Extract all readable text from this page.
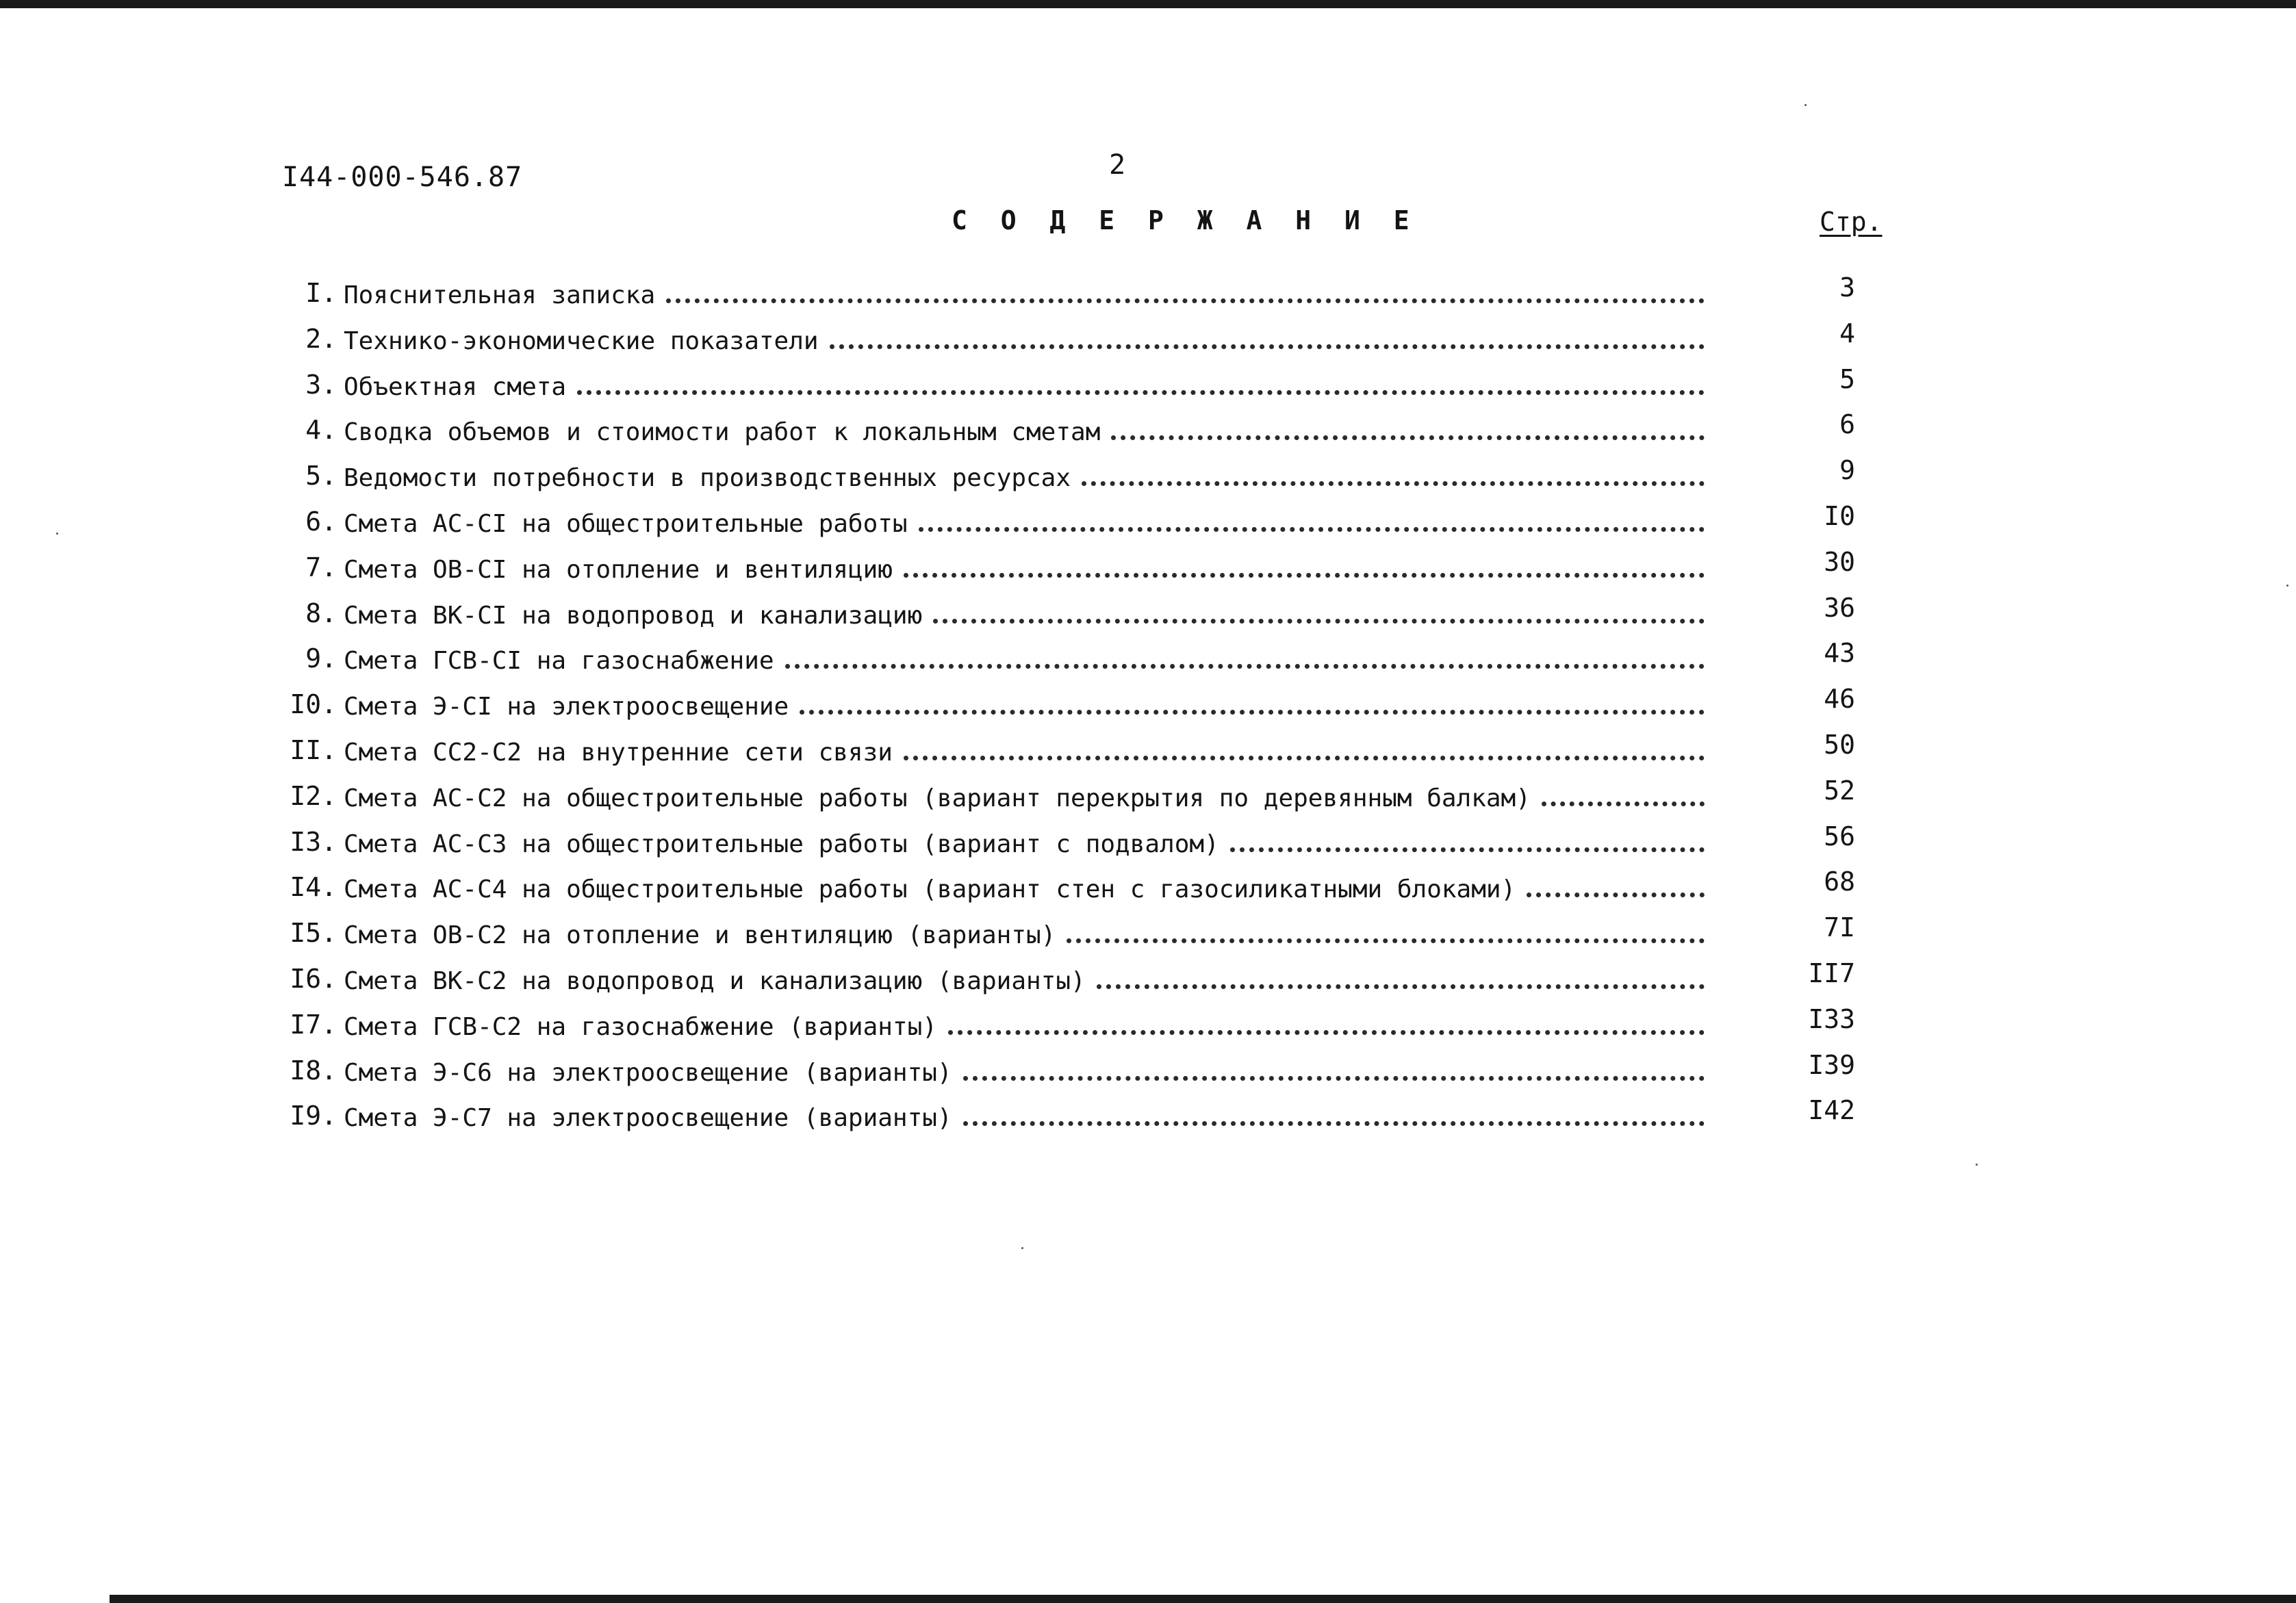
I44-000-546.87	2
С О Д Е Р Ж А Н И Е	Стр.
I. Пояснительная записка	3
2. Технико-экономические показатели	4
3. Объектная смета	5
4. Сводка объемов и стоимости работ к локальным сметам	6
5. Ведомости потребности в производственных ресурсах	9
6. Смета АС-СI на общестроительные работы	I0
7. Смета ОВ-СI на отопление и вентиляцию	30
8. Смета ВК-СI на водопровод и канализацию	36
9. Смета ГСВ-СI на газоснабжение	43
I0. Смета Э-СI на электроосвещение	46
II. Смета СС2-С2 на внутренние сети связи	50
I2. Смета АС-С2 на общестроительные работы (вариант перекрытия по деревянным балкам)	52
I3. Смета АС-С3 на общестроительные работы (вариант с подвалом)	56
I4. Смета АС-С4 на общестроительные работы (вариант стен с газосиликатными блоками)	68
I5. Смета ОВ-С2 на отопление и вентиляцию (варианты)	7I
I6. Смета ВК-С2 на водопровод и канализацию (варианты)	II7
I7. Смета ГСВ-С2 на газоснабжение (варианты)	I33
I8. Смета Э-С6 на электроосвещение (варианты)	I39
I9. Смета Э-С7 на электроосвещение (варианты)	I42
